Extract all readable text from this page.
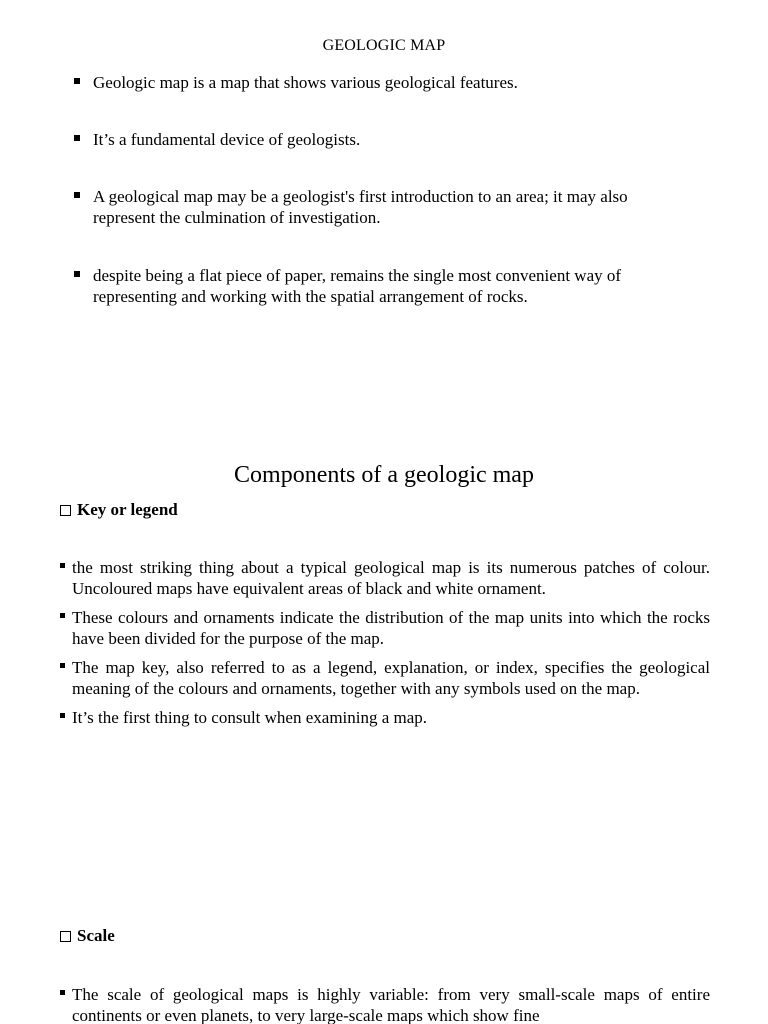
GEOLOGIC MAP
Geologic map is a map that shows various geological features.
It’s a fundamental device of geologists.
A geological map may be a geologist's first introduction to an area; it may also represent the culmination of investigation.
despite being a flat piece of paper, remains the single most convenient way of representing and working with the spatial arrangement of rocks.
Components of a geologic map
Key or legend
the most striking thing about a typical geological map is its numerous patches of colour. Uncoloured maps have equivalent areas of black and white ornament.
These colours and ornaments indicate the distribution of the map units into which the rocks have been divided for the purpose of the map.
The map key, also referred to as a legend, explanation, or index, specifies the geological meaning of the colours and ornaments, together with any symbols used on the map.
It’s the first thing to consult when examining a map.
Scale
The scale of geological maps is highly variable: from very small-scale maps of entire continents or even planets, to very large-scale maps which show fine
